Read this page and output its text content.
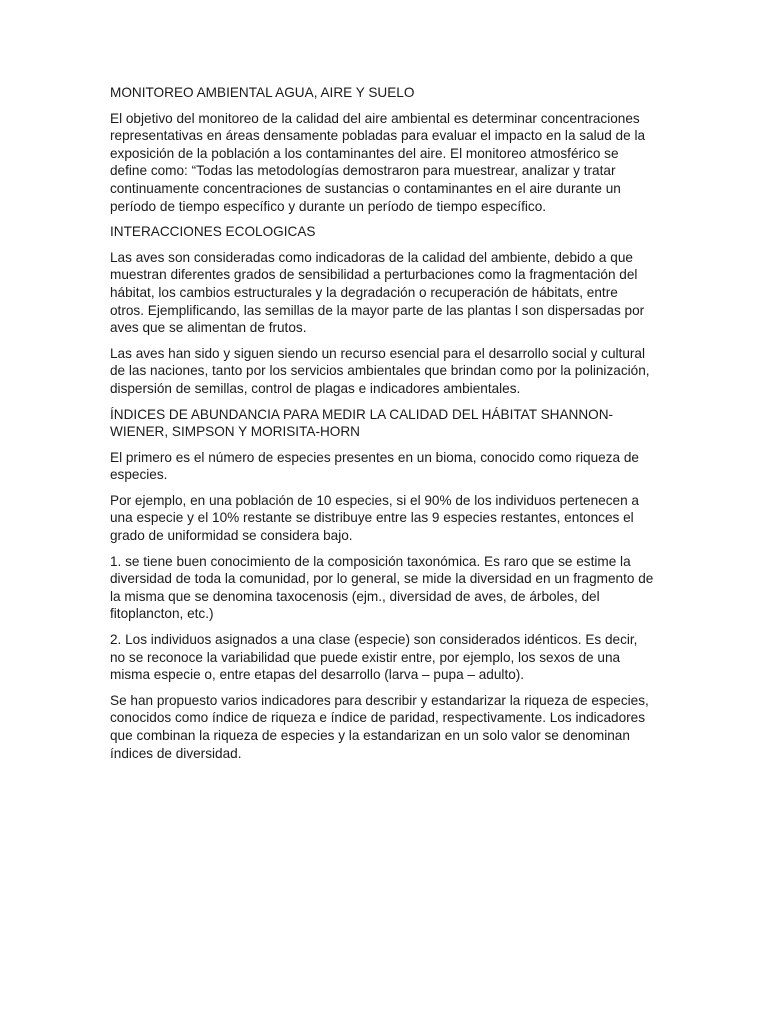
MONITOREO AMBIENTAL AGUA, AIRE Y SUELO

El objetivo del monitoreo de la calidad del aire ambiental es determinar concentraciones representativas en áreas densamente pobladas para evaluar el impacto en la salud de la exposición de la población a los contaminantes del aire. El monitoreo atmosférico se define como: “Todas las metodologías demostraron para muestrear, analizar y tratar continuamente concentraciones de sustancias o contaminantes en el aire durante un período de tiempo específico y durante un período de tiempo específico.

INTERACCIONES ECOLOGICAS

Las aves son consideradas como indicadoras de la calidad del ambiente, debido a que muestran diferentes grados de sensibilidad a perturbaciones como la fragmentación del hábitat, los cambios estructurales y la degradación o recuperación de hábitats, entre otros. Ejemplificando, las semillas de la mayor parte de las plantas l son dispersadas por aves que se alimentan de frutos.

Las aves han sido y siguen siendo un recurso esencial para el desarrollo social y cultural de las naciones, tanto por los servicios ambientales que brindan como por la polinización, dispersión de semillas, control de plagas e indicadores ambientales.

ÍNDICES DE ABUNDANCIA PARA MEDIR LA CALIDAD DEL HÁBITAT SHANNON-WIENER, SIMPSON Y MORISITA-HORN

El primero es el número de especies presentes en un bioma, conocido como riqueza de especies.

Por ejemplo, en una población de 10 especies, si el 90% de los individuos pertenecen a una especie y el 10% restante se distribuye entre las 9 especies restantes, entonces el grado de uniformidad se considera bajo.

1. se tiene buen conocimiento de la composición taxonómica. Es raro que se estime la diversidad de toda la comunidad, por lo general, se mide la diversidad en un fragmento de la misma que se denomina taxocenosis (ejm., diversidad de aves, de árboles, del fitoplancton, etc.)

2. Los individuos asignados a una clase (especie) son considerados idénticos. Es decir, no se reconoce la variabilidad que puede existir entre, por ejemplo, los sexos de una misma especie o, entre etapas del desarrollo (larva – pupa – adulto).

Se han propuesto varios indicadores para describir y estandarizar la riqueza de especies, conocidos como índice de riqueza e índice de paridad, respectivamente. Los indicadores que combinan la riqueza de especies y la estandarizan en un solo valor se denominan índices de diversidad.
